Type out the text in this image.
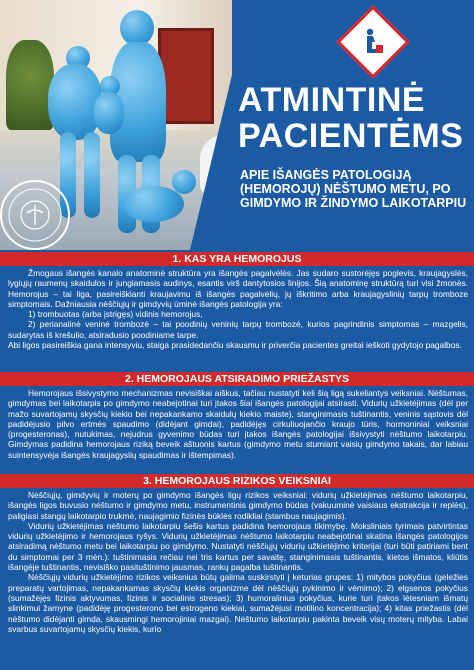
ATMINTINĖ
PACIENTĖMS
APIE IŠANGĖS PATOLOGIJĄ (HEMOROJŲ) NĖŠTUMO METU, PO GIMDYMO IR ŽINDYMO LAIKOTARPIU
1. KAS YRA HEMOROJUS

Žmogaus išangės kanalo anatominė struktūra yra išangės pagalvėlės. Jas sudaro sustorėjęs poglevis, kraujagyslės, lygiųjų raumenų skaidulos ir jungiamasis audinys, esantis virš dantytosios linijos. Šią anatominę struktūrą turi visi žmonės. Hemorojus – tai liga, pasireiškianti kraujavimu iš išangės pagalvėlių, jų iškritimo arba kraujagyslinių tarpų tromboze simptomais. Dažniausia nėščiųjų ir gimdyvių ūminė išangės patologija yra:

1) trombuotas (arba įstrigęs) vidinis hemorojus,

2) perianalinė veninė trombozė – tai poodinių veninių tarpų trombozė, kurios pagrindinis simptomas – mazgelis, sudarytas iš krešulio, atsiradusio poodiniame tarpe.

Abi ligos pasireiškia gana intensyviu, staiga prasidedančiu skausmu ir priverčia pacientes greitai ieškoti gydytojo pagalbos.

2. HEMOROJAUS ATSIRADIMO PRIEŽASTYS

Hemorojaus išsivystymo mechanizmas nevisiškai aiškus, tačiau nustatyti keli šią ligą sukeliantys veiksniai. Nėštumas, gimdymas bei laikotarpis po gimdymo neabejotinai turi įtakos šiai išangės patologijai atsirasti. Vidurių užkietėjimas (dėl per mažo suvartojamų skysčių kiekio bei nepakankamo skaidulų kiekio maiste), stanginimasis tuštinantis, veninis sąstovis dėl padidėjusio pilvo ertmės spaudimo (didėjant gimdai), padidėjęs cirkuliuojančio kraujo tūris, hormoniniai veiksniai (progesteronas), nutukimas, nejudrus gyvenimo būdas turi įtakos išangės patologijai išsivystyti nėštumo laikotarpiu. Gimdymas padidina hemorojaus riziką beveik aštuonis kartus (gimdymo metu stumiant vaisių gimdymo takais, dar labiau suintensyvėja išangės kraujagyslių spaudimas ir ištempimas).

3. HEMOROJAUS RIZIKOS VEIKSNIAI

Nėščiųjų, gimdyvių ir moterų po gimdymo išangės ligų rizikos veiksniai: vidurių užkietėjimas nėštumo laikotarpiu, išangės ligos buvusio nėštumo ir gimdymo metu, instrumentinis gimdymo būdas (vakuuminė vaisiaus ekstrakcija ir replės), paligiasi stangų laikotarpio trukmė, naujagimio fizinės būklės rodikliai (stambus naujagimis).

Vidurių užkietėjimas nėštumo laikotarpiu šešis kartus padidina hemorojaus tikimybę. Moksliniais tyrimais patvirtintas vidurių užkietėjimo ir hemorojaus ryšys. Vidurių užkietėjimas nėštumo laikotarpiu neabejotinai skatina išangės patologijos atsiradimą nėštumo metu bei laikotarpiu po gimdymo. Nustatyti nėščiųjų vidurių užkietėjimo kriterijai (turi būti patiriami bent du simptomai per 3 mėn.): tuštinimasis rečiau nei tris kartus per savaitę, stanginimasis tuštinantis, kietos išmatos, kliūtis išangėje tuštinantis, nevisiško pasituštinimo jausmas, rankų pagalba tuštinantis.

Nėščiųjų vidurių užkietėjimo rizikos veiksnius būtų galima suskirstyti į keturias grupes: 1) mitybos pokyčius (geležies preparatų vartojimas, nepakankamas skysčių kiekis organizme dėl nėščiųjų pykinimo ir vėmimo); 2) elgsenos pokyčius (sumažėjęs fizinis aktyvumas, fizinis ir socialinis stresas); 3) humoralinius pokyčius, kurie turi įtakos lėtesniam išmatų slinkimui žarnyne (padidėję progesterono bei estrogeno kiekiai, sumažėjusi motilino koncentracija); 4) kitas priežastis (dėl nėštumo didėjanti gimda, skausmingi hemorojiniai mazgai). Nėštumo laikotarpiu pakinta beveik visų moterų mityba. Labai svarbus suvartojamų skysčių kiekis, kurio
